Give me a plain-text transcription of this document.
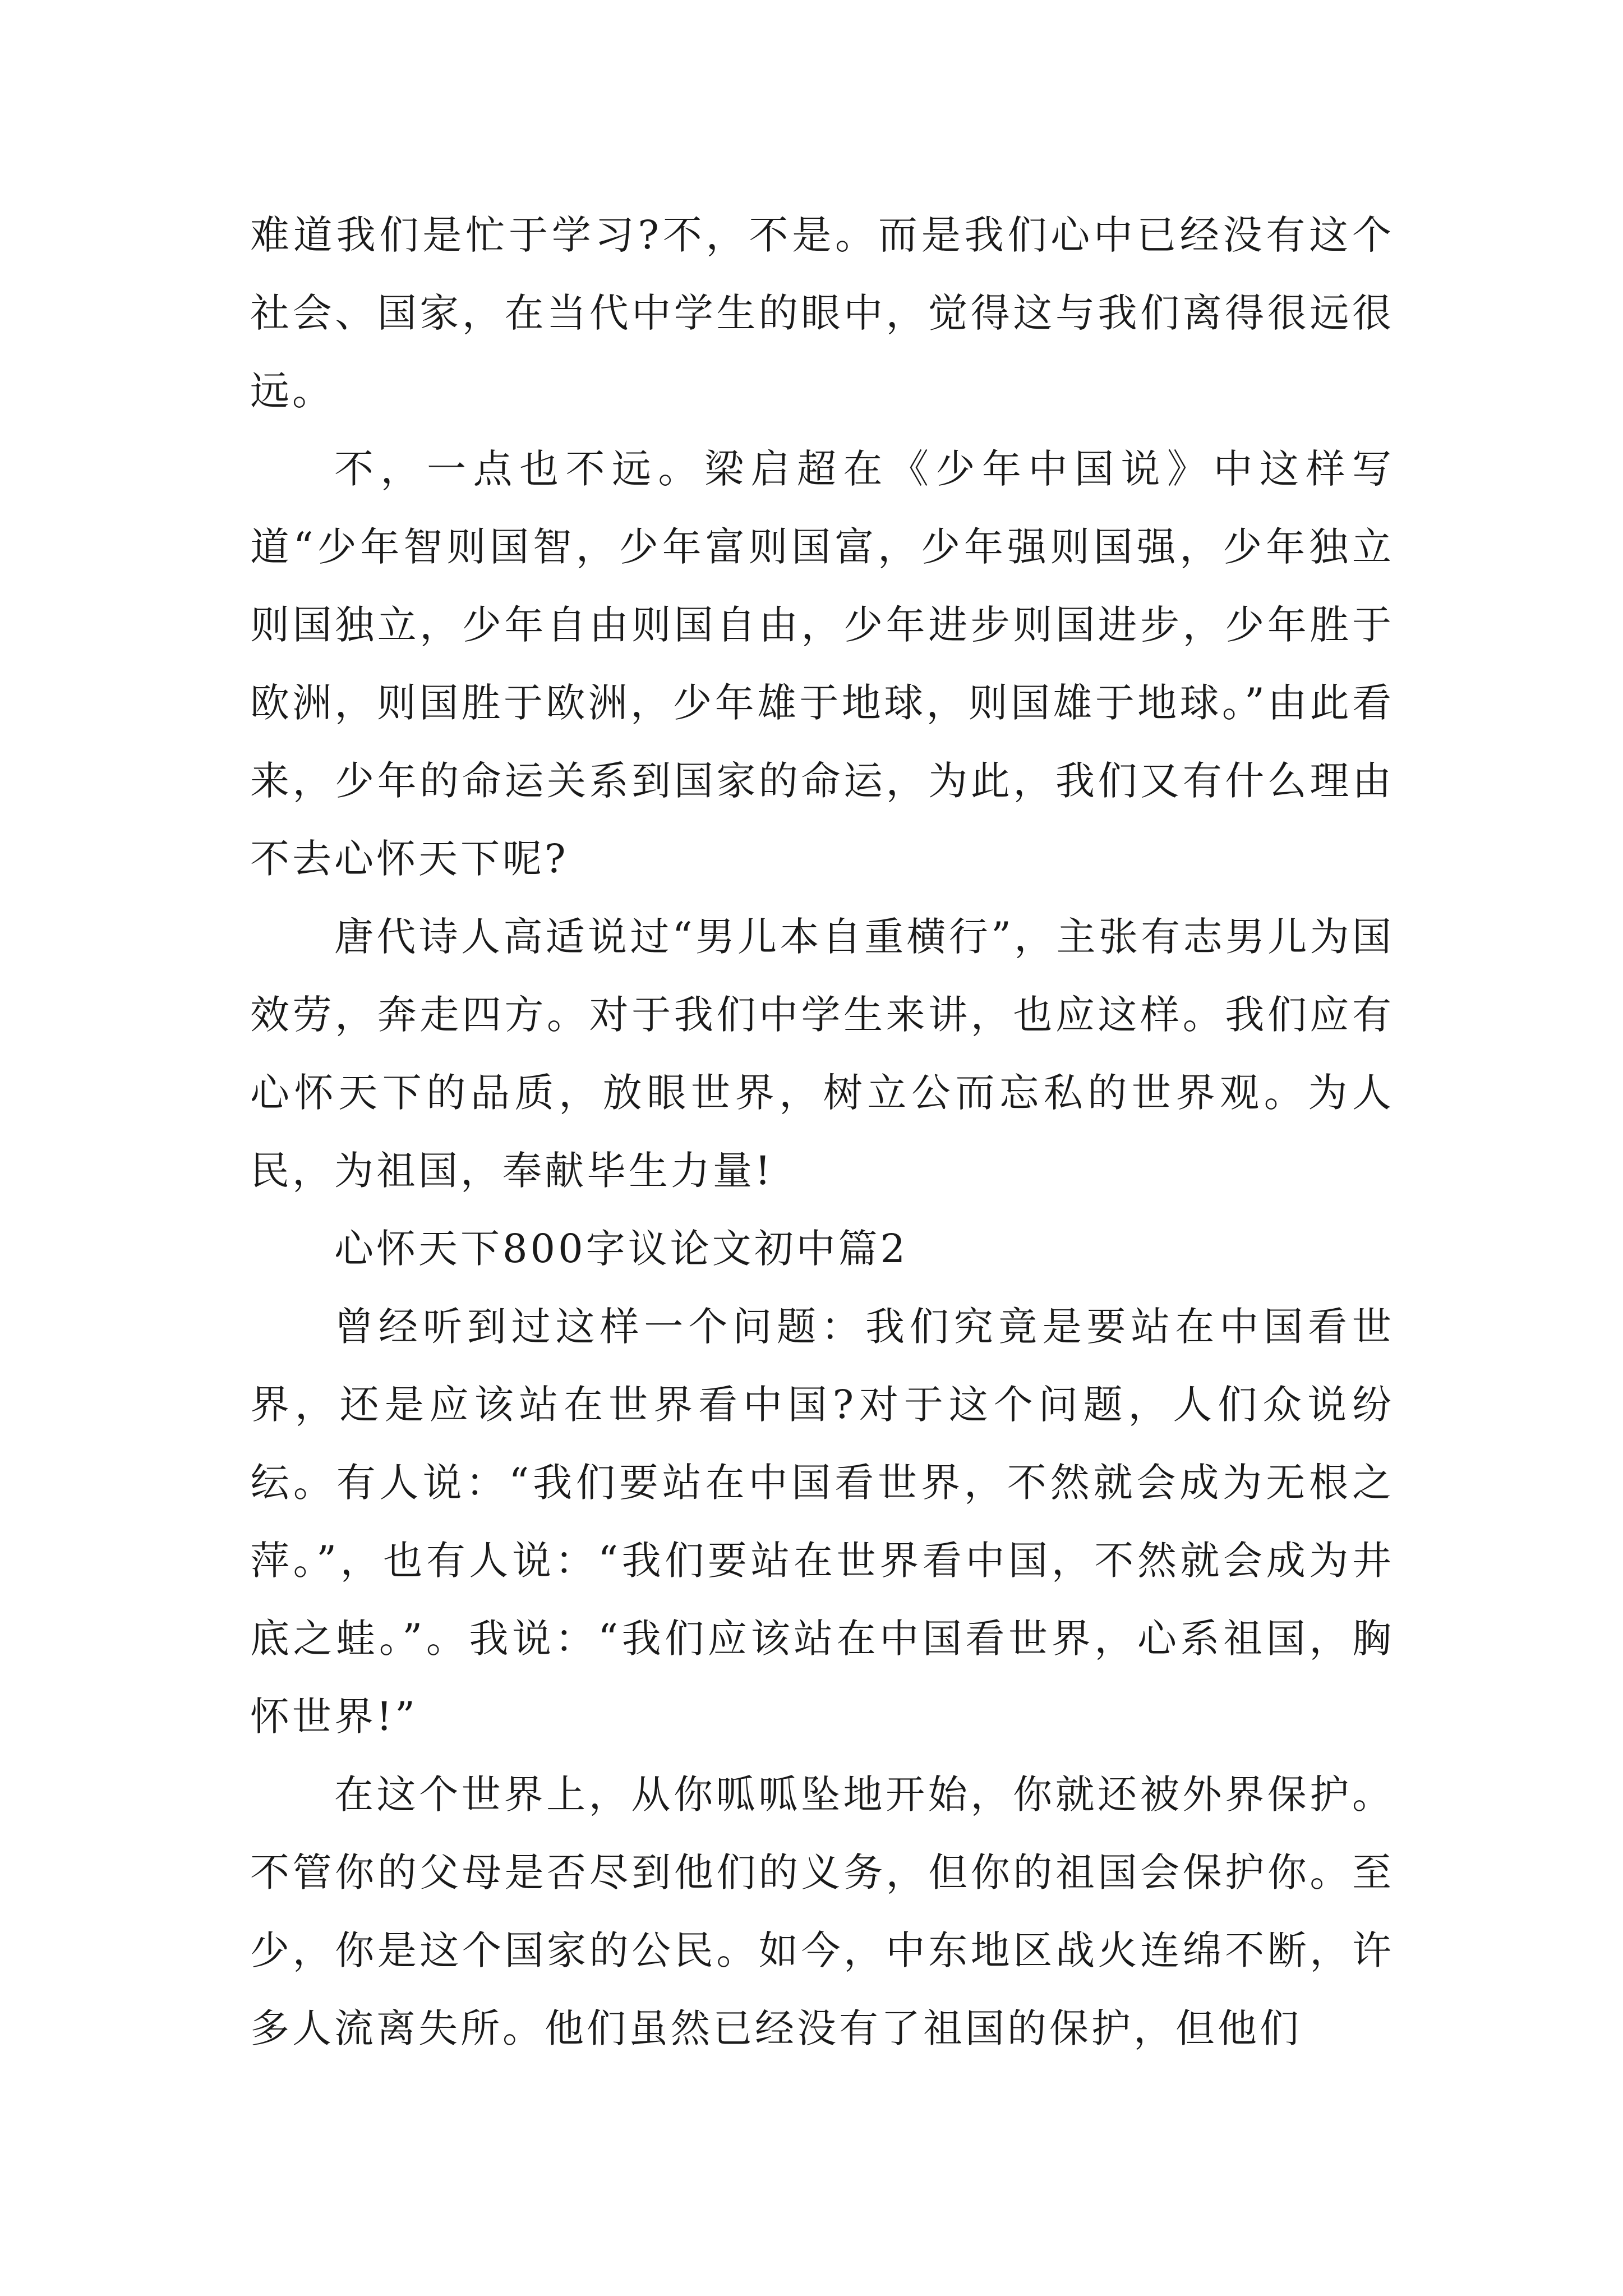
难道我们是忙于学习?不，不是。而是我们心中已经没有这个社会、国家，在当代中学生的眼中，觉得这与我们离得很远很远。

不，一点也不远。梁启超在《少年中国说》中这样写道“少年智则国智，少年富则国富，少年强则国强，少年独立则国独立，少年自由则国自由，少年进步则国进步，少年胜于欧洲，则国胜于欧洲，少年雄于地球，则国雄于地球。”由此看来，少年的命运关系到国家的命运，为此，我们又有什么理由不去心怀天下呢?

唐代诗人高适说过“男儿本自重横行”，主张有志男儿为国效劳，奔走四方。对于我们中学生来讲，也应这样。我们应有心怀天下的品质，放眼世界，树立公而忘私的世界观。为人民，为祖国，奉献毕生力量!

心怀天下800字议论文初中篇2

曾经听到过这样一个问题：我们究竟是要站在中国看世界，还是应该站在世界看中国?对于这个问题，人们众说纷纭。有人说：“我们要站在中国看世界，不然就会成为无根之萍。”，也有人说：“我们要站在世界看中国，不然就会成为井底之蛙。”。我说：“我们应该站在中国看世界，心系祖国，胸怀世界!”

在这个世界上，从你呱呱坠地开始，你就还被外界保护。不管你的父母是否尽到他们的义务，但你的祖国会保护你。至少，你是这个国家的公民。如今，中东地区战火连绵不断，许多人流离失所。他们虽然已经没有了祖国的保护，但他们
